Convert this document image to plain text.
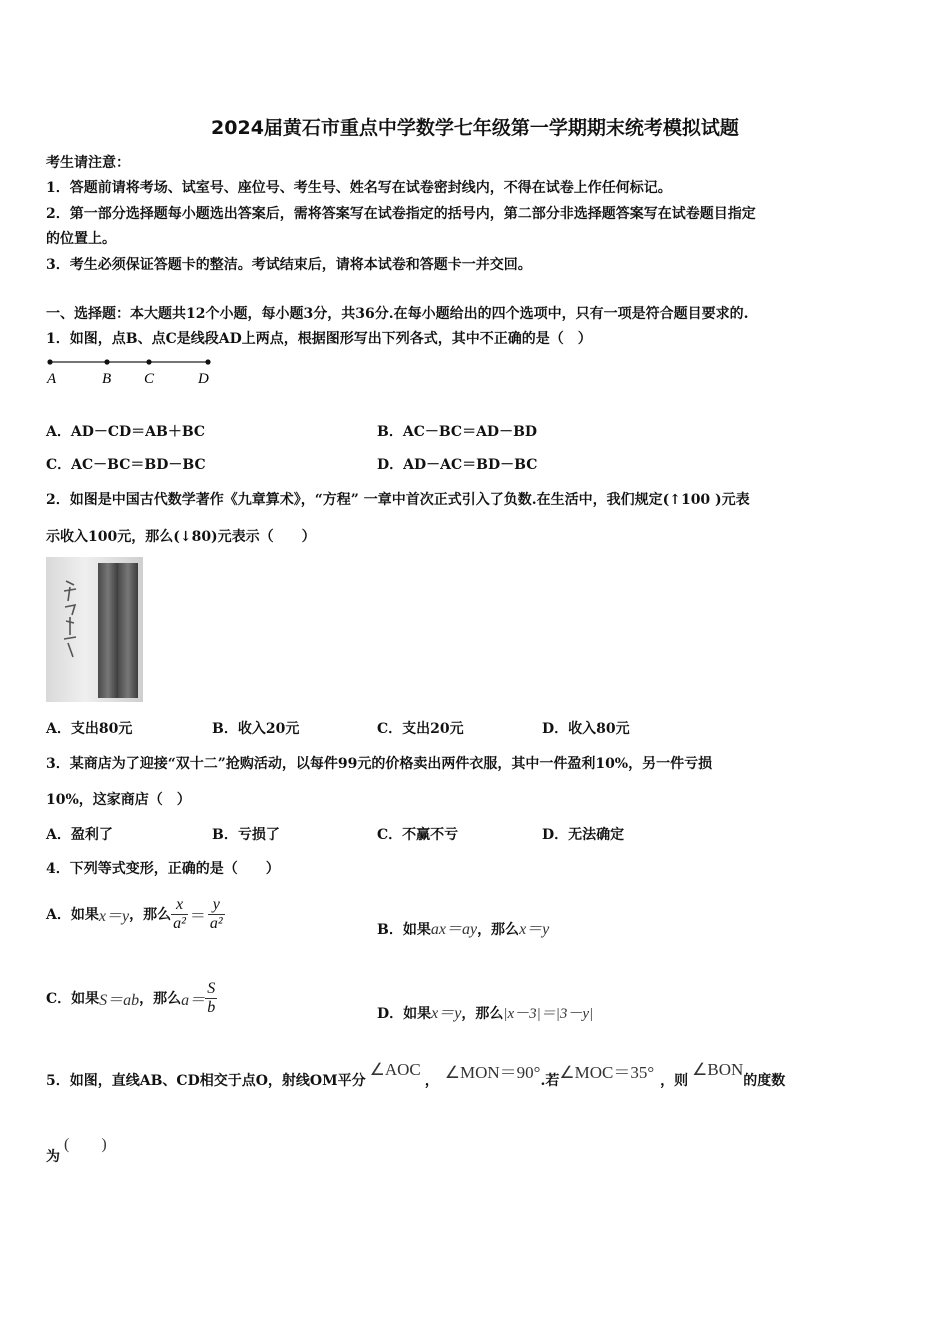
2024届黄石市重点中学数学七年级第一学期期末统考模拟试题
考生请注意：
1．答题前请将考场、试室号、座位号、考生号、姓名写在试卷密封线内，不得在试卷上作任何标记。
2．第一部分选择题每小题选出答案后，需将答案写在试卷指定的括号内，第二部分非选择题答案写在试卷题目指定
的位置上。
3．考生必须保证答题卡的整洁。考试结束后，请将本试卷和答题卡一并交回。
一、选择题：本大题共12个小题，每小题3分，共36分.在每小题给出的四个选项中，只有一项是符合题目要求的.
1．如图，点B、点C是线段AD上两点，根据图形写出下列各式，其中不正确的是（　）
A	B C	D
A．AD－CD＝AB＋BC	B．AC－BC＝AD－BD
C．AC－BC＝BD－BC	D．AD－AC＝BD－BC
2．如图是中国古代数学著作《九章算术》，“方程” 一章中首次正式引入了负数.在生活中，我们规定(↑100 )元表
示收入100元，那么(↓80)元表示（　　）
A．支出80元	B．收入20元	C．支出20元	D．收入80元
3．某商店为了迎接“双十二”抢购活动，以每件99元的价格卖出两件衣服，其中一件盈利10%，另一件亏损
10%，这家商店（　）
A．盈利了	B．亏损了	C．不赢不亏	D．无法确定
4．下列等式变形，正确的是（　　）
A．如果 x＝y ，那么 $\frac{x}{\text{a²}} = \frac{y}{\text{a²}}$	B．如果ax＝ay，那么x＝y
C．如果 S＝ab ，那么 $a= \frac{S}{b}$	D．如果x＝y，那么|x－3|＝|3－y|
5．如图，直线AB、CD相交于点O，射线OM平分
∠AOC
， ∠MON＝90° .若 ∠MOC＝35° ，则
∠BON
的度数
为
(　　)
